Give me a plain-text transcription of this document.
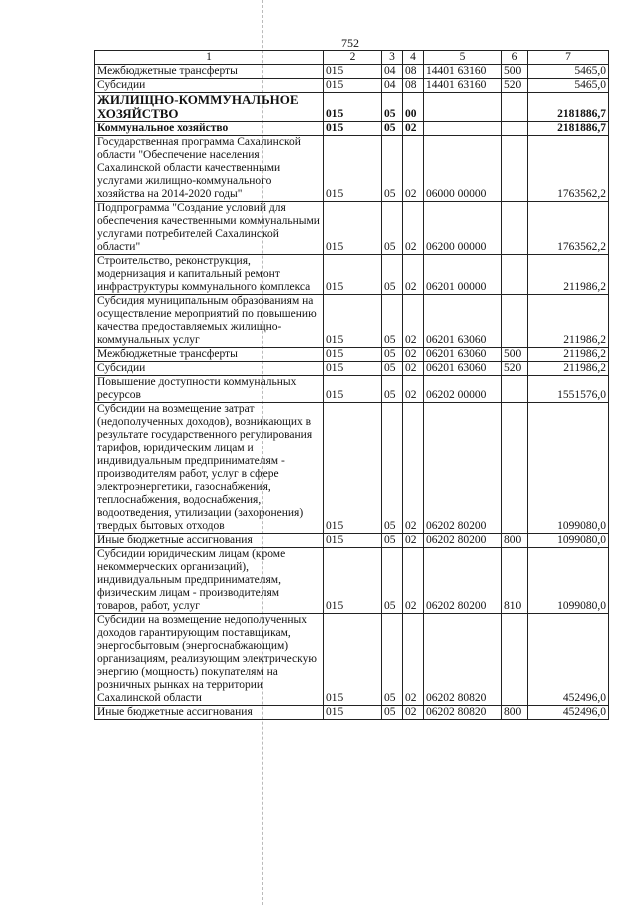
752
1	2	3	4	5	6	7
Межбюджетные трансферты	015	04	08	14401 63160	500	5465,0
Субсидии	015	04	08	14401 63160	520	5465,0
ЖИЛИЩНО-КОММУНАЛЬНОЕ ХОЗЯЙСТВО	015	05	00			2181886,7
Коммунальное хозяйство	015	05	02			2181886,7
Государственная программа Сахалинской области "Обеспечение населения Сахалинской области качественными услугами жилищно-коммунального хозяйства на 2014-2020 годы"	015	05	02	06000 00000		1763562,2
Подпрограмма "Создание условий для обеспечения качественными коммунальными услугами потребителей Сахалинской области"	015	05	02	06200 00000		1763562,2
Строительство, реконструкция, модернизация и капитальный ремонт инфраструктуры коммунального комплекса	015	05	02	06201 00000		211986,2
Субсидия муниципальным образованиям на осуществление мероприятий по повышению качества предоставляемых жилищно-коммунальных услуг	015	05	02	06201 63060		211986,2
Межбюджетные трансферты	015	05	02	06201 63060	500	211986,2
Субсидии	015	05	02	06201 63060	520	211986,2
Повышение доступности коммунальных ресурсов	015	05	02	06202 00000		1551576,0
Субсидии на возмещение затрат (недополученных доходов), возникающих в результате государственного регулирования тарифов, юридическим лицам и индивидуальным предпринимателям - производителям работ, услуг в сфере электроэнергетики, газоснабжения, теплоснабжения, водоснабжения, водоотведения, утилизации (захоронения) твердых бытовых отходов	015	05	02	06202 80200		1099080,0
Иные бюджетные ассигнования	015	05	02	06202 80200	800	1099080,0
Субсидии юридическим лицам (кроме некоммерческих организаций), индивидуальным предпринимателям, физическим лицам - производителям товаров, работ, услуг	015	05	02	06202 80200	810	1099080,0
Субсидии на возмещение недополученных доходов гарантирующим поставщикам, энергосбытовым (энергоснабжающим) организациям, реализующим электрическую энергию (мощность) покупателям на розничных рынках на территории Сахалинской области	015	05	02	06202 80820		452496,0
Иные бюджетные ассигнования	015	05	02	06202 80820	800	452496,0
